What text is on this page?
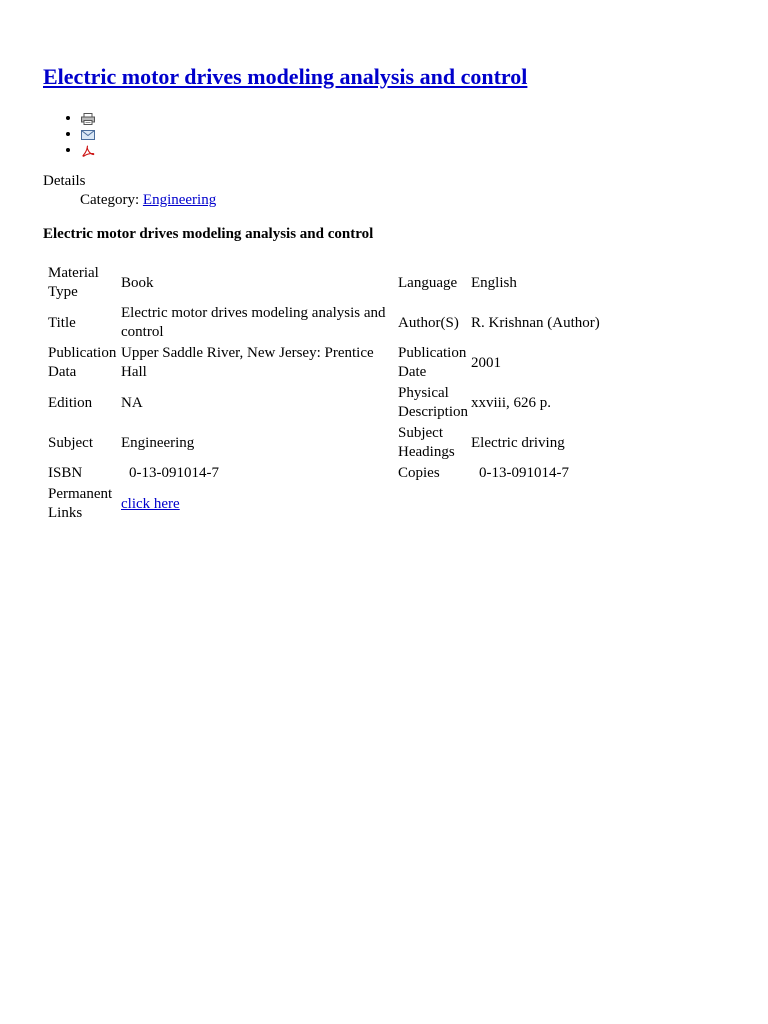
Electric motor drives modeling analysis and control
•
•
•
Details
Category: Engineering
Electric motor drives modeling analysis and control
Material Type	Book	Language	English
Title	Electric motor drives modeling analysis and control	Author(S)	R. Krishnan (Author)
Publication Data	Upper Saddle River, New Jersey: Prentice Hall	Publication Date	2001
Edition	NA	Physical Description	xxviii, 626 p.
Subject	Engineering	Subject Headings	Electric driving
ISBN	0-13-091014-7	Copies	0-13-091014-7
Permanent Links	click here		
